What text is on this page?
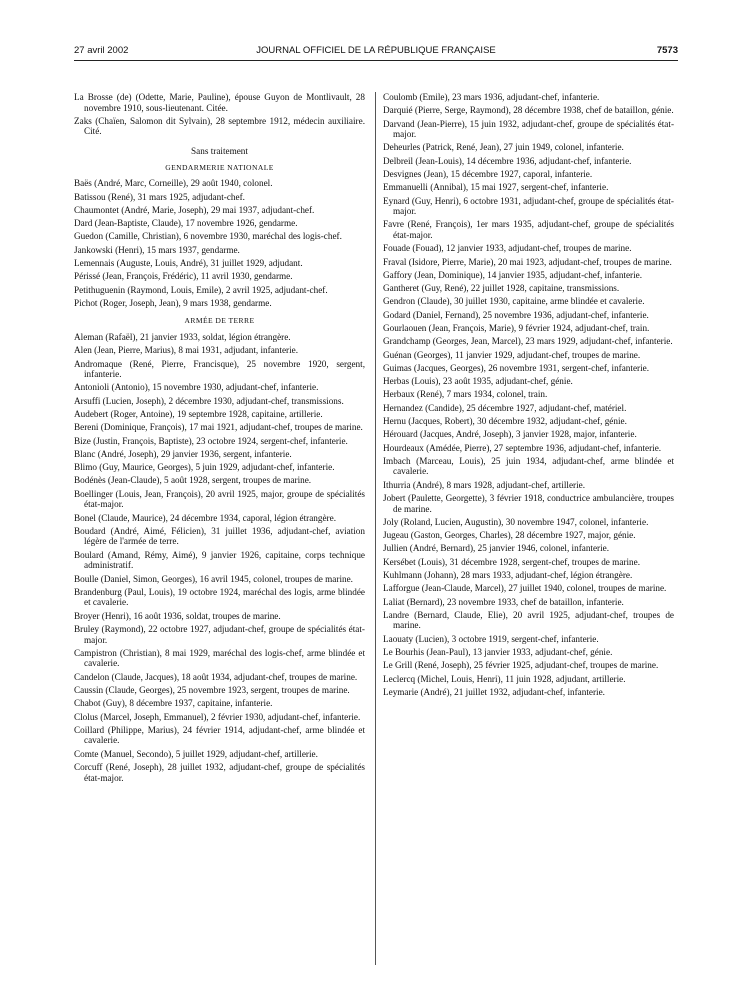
27 avril 2002	JOURNAL OFFICIEL DE LA RÉPUBLIQUE FRANÇAISE	7573

La Brosse (de) (Odette, Marie, Pauline), épouse Guyon de Montlivault, 28 novembre 1910, sous-lieutenant. Citée.

Zaks (Chaïen, Salomon dit Sylvain), 28 septembre 1912, médecin auxiliaire. Cité.

Sans traitement
GENDARMERIE NATIONALE

Baës (André, Marc, Corneille), 29 août 1940, colonel.

Batissou (René), 31 mars 1925, adjudant-chef.

Chaumontet (André, Marie, Joseph), 29 mai 1937, adjudant-chef.

Dard (Jean-Baptiste, Claude), 17 novembre 1926, gendarme.

Guedon (Camille, Christian), 6 novembre 1930, maréchal des logis-chef.

Jankowski (Henri), 15 mars 1937, gendarme.

Lemennais (Auguste, Louis, André), 31 juillet 1929, adjudant.

Périssé (Jean, François, Frédéric), 11 avril 1930, gendarme.

Petithuguenin (Raymond, Louis, Emile), 2 avril 1925, adjudant-chef.

Pichot (Roger, Joseph, Jean), 9 mars 1938, gendarme.

ARMÉE DE TERRE

Aleman (Rafaël), 21 janvier 1933, soldat, légion étrangère.

Alen (Jean, Pierre, Marius), 8 mai 1931, adjudant, infanterie.

Andromaque (René, Pierre, Francisque), 25 novembre 1920, sergent, infanterie.

Antonioli (Antonio), 15 novembre 1930, adjudant-chef, infanterie.

Arsuffi (Lucien, Joseph), 2 décembre 1930, adjudant-chef, transmissions.

Audebert (Roger, Antoine), 19 septembre 1928, capitaine, artillerie.

Bereni (Dominique, François), 17 mai 1921, adjudant-chef, troupes de marine.

Bize (Justin, François, Baptiste), 23 octobre 1924, sergent-chef, infanterie.

Blanc (André, Joseph), 29 janvier 1936, sergent, infanterie.

Blimo (Guy, Maurice, Georges), 5 juin 1929, adjudant-chef, infanterie.

Bodénès (Jean-Claude), 5 août 1928, sergent, troupes de marine.

Boellinger (Louis, Jean, François), 20 avril 1925, major, groupe de spécialités état-major.

Bonel (Claude, Maurice), 24 décembre 1934, caporal, légion étrangère.

Boudard (André, Aimé, Félicien), 31 juillet 1936, adjudant-chef, aviation légère de l'armée de terre.

Boulard (Amand, Rémy, Aimé), 9 janvier 1926, capitaine, corps technique administratif.

Boulle (Daniel, Simon, Georges), 16 avril 1945, colonel, troupes de marine.

Brandenburg (Paul, Louis), 19 octobre 1924, maréchal des logis, arme blindée et cavalerie.

Broyer (Henri), 16 août 1936, soldat, troupes de marine.

Bruley (Raymond), 22 octobre 1927, adjudant-chef, groupe de spécialités état-major.

Campistron (Christian), 8 mai 1929, maréchal des logis-chef, arme blindée et cavalerie.

Candelon (Claude, Jacques), 18 août 1934, adjudant-chef, troupes de marine.

Caussin (Claude, Georges), 25 novembre 1923, sergent, troupes de marine.

Chabot (Guy), 8 décembre 1937, capitaine, infanterie.

Clolus (Marcel, Joseph, Emmanuel), 2 février 1930, adjudant-chef, infanterie.

Coillard (Philippe, Marius), 24 février 1914, adjudant-chef, arme blindée et cavalerie.

Comte (Manuel, Secondo), 5 juillet 1929, adjudant-chef, artillerie.

Corcuff (René, Joseph), 28 juillet 1932, adjudant-chef, groupe de spécialités état-major.

Coulomb (Emile), 23 mars 1936, adjudant-chef, infanterie.

Darquié (Pierre, Serge, Raymond), 28 décembre 1938, chef de bataillon, génie.

Darvand (Jean-Pierre), 15 juin 1932, adjudant-chef, groupe de spécialités état-major.

Deheurles (Patrick, René, Jean), 27 juin 1949, colonel, infanterie.

Delbreil (Jean-Louis), 14 décembre 1936, adjudant-chef, infanterie.

Desvignes (Jean), 15 décembre 1927, caporal, infanterie.

Emmanuelli (Annibal), 15 mai 1927, sergent-chef, infanterie.

Eynard (Guy, Henri), 6 octobre 1931, adjudant-chef, groupe de spécialités état-major.

Favre (René, François), 1er mars 1935, adjudant-chef, groupe de spécialités état-major.

Fouade (Fouad), 12 janvier 1933, adjudant-chef, troupes de marine.

Fraval (Isidore, Pierre, Marie), 20 mai 1923, adjudant-chef, troupes de marine.

Gaffory (Jean, Dominique), 14 janvier 1935, adjudant-chef, infanterie.

Gantheret (Guy, René), 22 juillet 1928, capitaine, transmissions.

Gendron (Claude), 30 juillet 1930, capitaine, arme blindée et cavalerie.

Godard (Daniel, Fernand), 25 novembre 1936, adjudant-chef, infanterie.

Gourlaouen (Jean, François, Marie), 9 février 1924, adjudant-chef, train.

Grandchamp (Georges, Jean, Marcel), 23 mars 1929, adjudant-chef, infanterie.

Guénan (Georges), 11 janvier 1929, adjudant-chef, troupes de marine.

Guimas (Jacques, Georges), 26 novembre 1931, sergent-chef, infanterie.

Herbas (Louis), 23 août 1935, adjudant-chef, génie.

Herbaux (René), 7 mars 1934, colonel, train.

Hernandez (Candide), 25 décembre 1927, adjudant-chef, matériel.

Hernu (Jacques, Robert), 30 décembre 1932, adjudant-chef, génie.

Hérouard (Jacques, André, Joseph), 3 janvier 1928, major, infanterie.

Hourdeaux (Amédée, Pierre), 27 septembre 1936, adjudant-chef, infanterie.

Imbach (Marceau, Louis), 25 juin 1934, adjudant-chef, arme blindée et cavalerie.

Ithurria (André), 8 mars 1928, adjudant-chef, artillerie.

Jobert (Paulette, Georgette), 3 février 1918, conductrice ambulancière, troupes de marine.

Joly (Roland, Lucien, Augustin), 30 novembre 1947, colonel, infanterie.

Jugeau (Gaston, Georges, Charles), 28 décembre 1927, major, génie.

Jullien (André, Bernard), 25 janvier 1946, colonel, infanterie.

Kersébet (Louis), 31 décembre 1928, sergent-chef, troupes de marine.

Kuhlmann (Johann), 28 mars 1933, adjudant-chef, légion étrangère.

Lafforgue (Jean-Claude, Marcel), 27 juillet 1940, colonel, troupes de marine.

Laliat (Bernard), 23 novembre 1933, chef de bataillon, infanterie.

Landre (Bernard, Claude, Elie), 20 avril 1925, adjudant-chef, troupes de marine.

Laouaty (Lucien), 3 octobre 1919, sergent-chef, infanterie.

Le Bourhis (Jean-Paul), 13 janvier 1933, adjudant-chef, génie.

Le Grill (René, Joseph), 25 février 1925, adjudant-chef, troupes de marine.

Leclercq (Michel, Louis, Henri), 11 juin 1928, adjudant, artillerie.

Leymarie (André), 21 juillet 1932, adjudant-chef, infanterie.
